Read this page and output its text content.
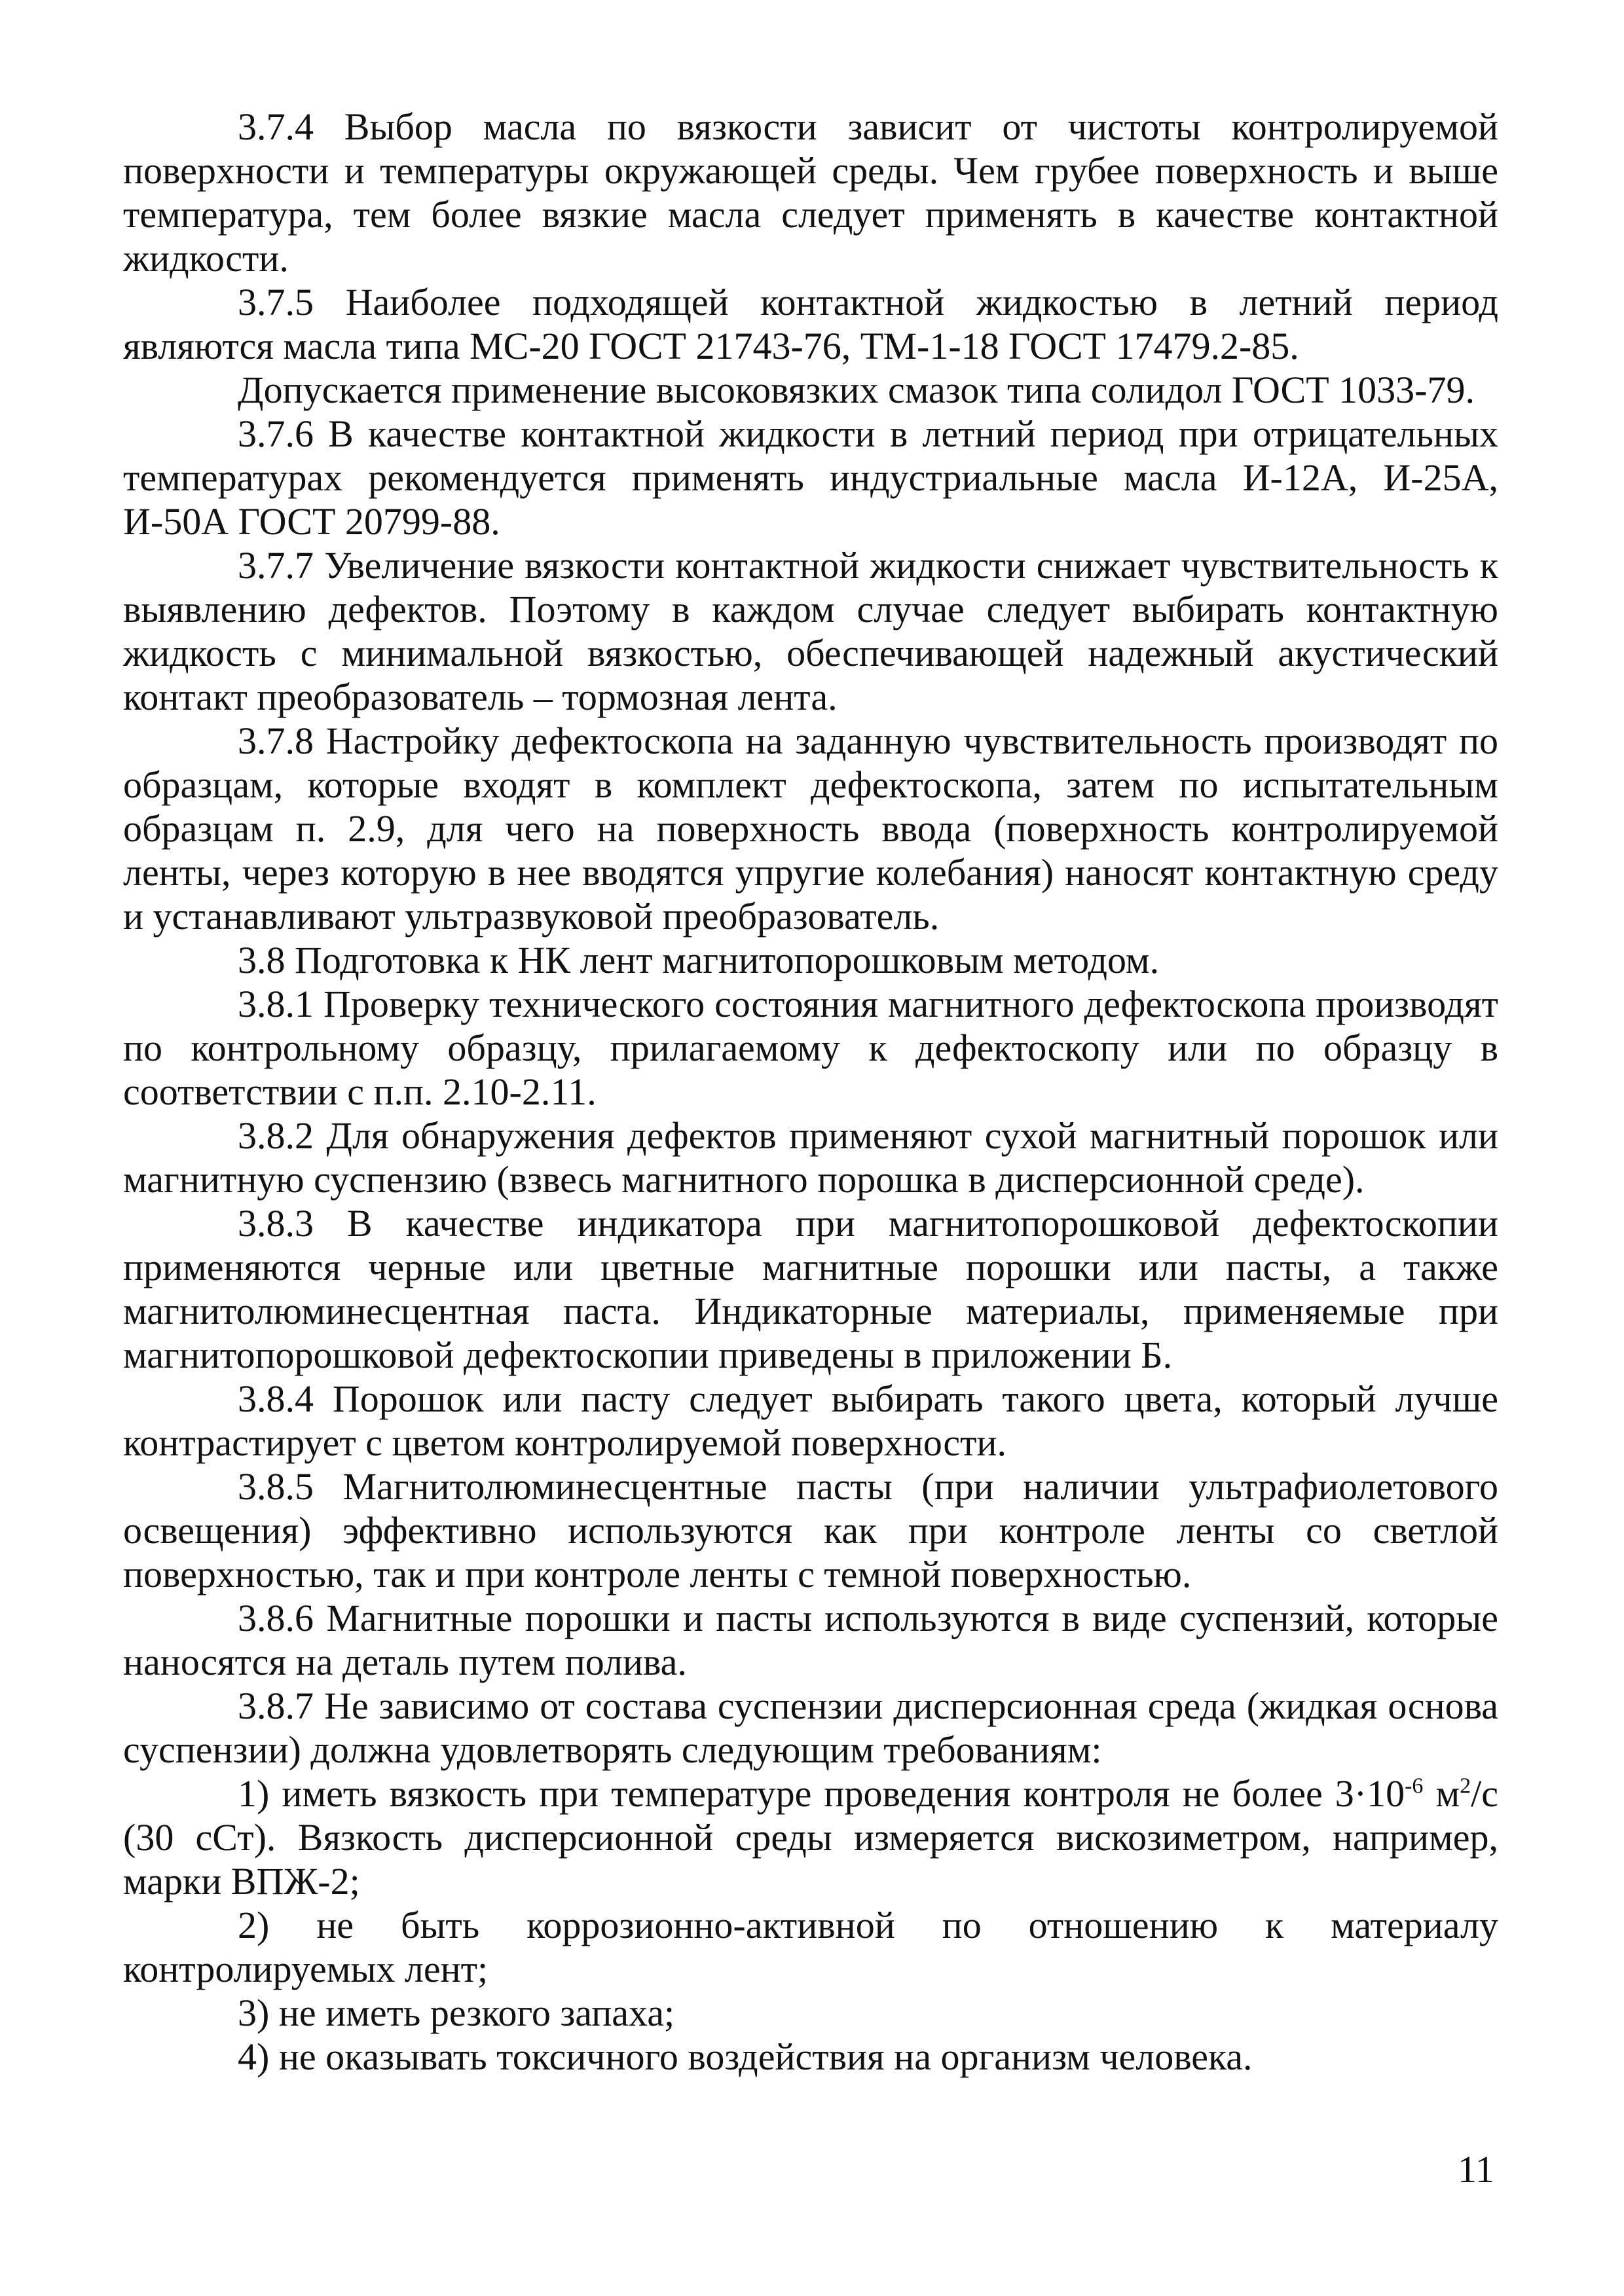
3.7.4 Выбор масла по вязкости зависит от чистоты контролируемой поверхности и температуры окружающей среды. Чем грубее поверхность и выше температура, тем более вязкие масла следует применять в качестве контактной жидкости.

3.7.5 Наиболее подходящей контактной жидкостью в летний период являются масла типа МС-20 ГОСТ 21743-76, ТМ-1-18 ГОСТ 17479.2-85.

Допускается применение высоковязких смазок типа солидол ГОСТ 1033-79.

3.7.6 В качестве контактной жидкости в летний период при отрицательных температурах рекомендуется применять индустриальные масла И-12А, И-25А, И-50А ГОСТ 20799-88.

3.7.7 Увеличение вязкости контактной жидкости снижает чувствительность к выявлению дефектов. Поэтому в каждом случае следует выбирать контактную жидкость с минимальной вязкостью, обеспечивающей надежный акустический контакт преобразователь – тормозная лента.

3.7.8 Настройку дефектоскопа на заданную чувствительность производят по образцам, которые входят в комплект дефектоскопа, затем по испытательным образцам п. 2.9, для чего на поверхность ввода (поверхность контролируемой ленты, через которую в нее вводятся упругие колебания) наносят контактную среду и устанавливают ультразвуковой преобразователь.

3.8 Подготовка к НК лент магнитопорошковым методом.

3.8.1 Проверку технического состояния магнитного дефектоскопа производят по контрольному образцу, прилагаемому к дефектоскопу или по образцу в соответствии с п.п. 2.10-2.11.

3.8.2 Для обнаружения дефектов применяют сухой магнитный порошок или магнитную суспензию (взвесь магнитного порошка в дисперсионной среде).

3.8.3 В качестве индикатора при магнитопорошковой дефектоскопии применяются черные или цветные магнитные порошки или пасты, а также магнитолюминесцентная паста. Индикаторные материалы, применяемые при магнитопорошковой дефектоскопии приведены в приложении Б.

3.8.4 Порошок или пасту следует выбирать такого цвета, который лучше контрастирует с цветом контролируемой поверхности.

3.8.5 Магнитолюминесцентные пасты (при наличии ультрафиолетового освещения) эффективно используются как при контроле ленты со светлой поверхностью, так и при контроле ленты с темной поверхностью.

3.8.6 Магнитные порошки и пасты используются в виде суспензий, которые наносятся на деталь путем полива.

3.8.7 Не зависимо от состава суспензии дисперсионная среда (жидкая основа суспензии) должна удовлетворять следующим требованиям:

1) иметь вязкость при температуре проведения контроля не более $3\cdot 10^{-6}$ $м^2/с$ (30 сСт). Вязкость дисперсионной среды измеряется вискозиметром, например, марки ВПЖ-2;

2) не быть коррозионно-активной по отношению к материалу контролируемых лент;

3) не иметь резкого запаха;

4) не оказывать токсичного воздействия на организм человека.

11
